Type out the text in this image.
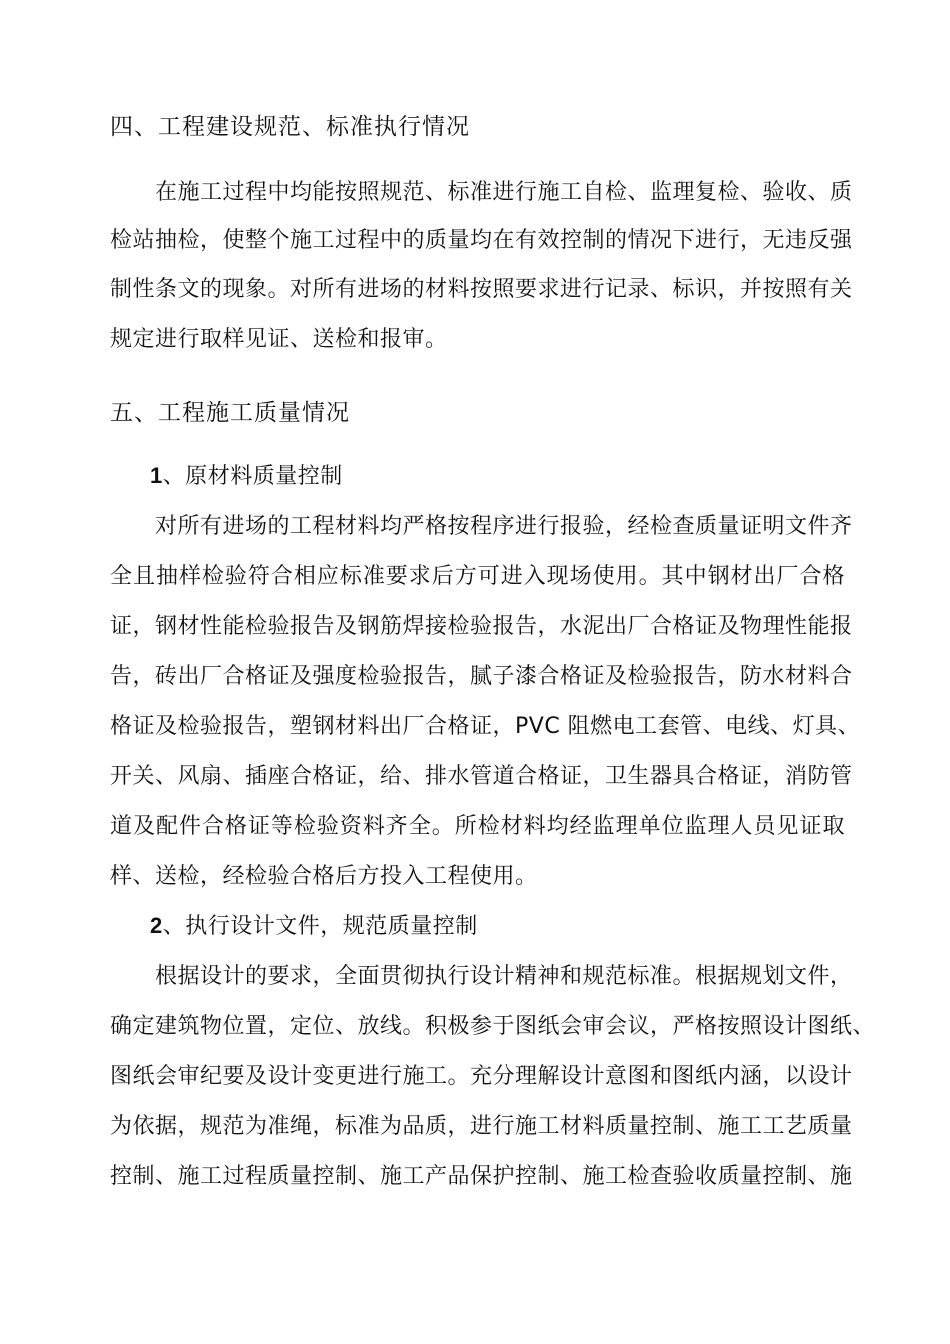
四、工程建设规范、标准执行情况
在施工过程中均能按照规范、标准进行施工自检、监理复检、验收、质
检站抽检，使整个施工过程中的质量均在有效控制的情况下进行，无违反强
制性条文的现象。对所有进场的材料按照要求进行记录、标识，并按照有关
规定进行取样见证、送检和报审。
五、工程施工质量情况
1、原材料质量控制
对所有进场的工程材料均严格按程序进行报验，经检查质量证明文件齐
全且抽样检验符合相应标准要求后方可进入现场使用。其中钢材出厂合格
证，钢材性能检验报告及钢筋焊接检验报告，水泥出厂合格证及物理性能报
告，砖出厂合格证及强度检验报告，腻子漆合格证及检验报告，防水材料合
格证及检验报告，塑钢材料出厂合格证，PVC 阻燃电工套管、电线、灯具、
开关、风扇、插座合格证，给、排水管道合格证，卫生器具合格证，消防管
道及配件合格证等检验资料齐全。所检材料均经监理单位监理人员见证取
样、送检，经检验合格后方投入工程使用。
2、执行设计文件，规范质量控制
根据设计的要求，全面贯彻执行设计精神和规范标准。根据规划文件，
确定建筑物位置，定位、放线。积极参于图纸会审会议，严格按照设计图纸、
图纸会审纪要及设计变更进行施工。充分理解设计意图和图纸内涵，以设计
为依据，规范为准绳，标准为品质，进行施工材料质量控制、施工工艺质量
控制、施工过程质量控制、施工产品保护控制、施工检查验收质量控制、施
